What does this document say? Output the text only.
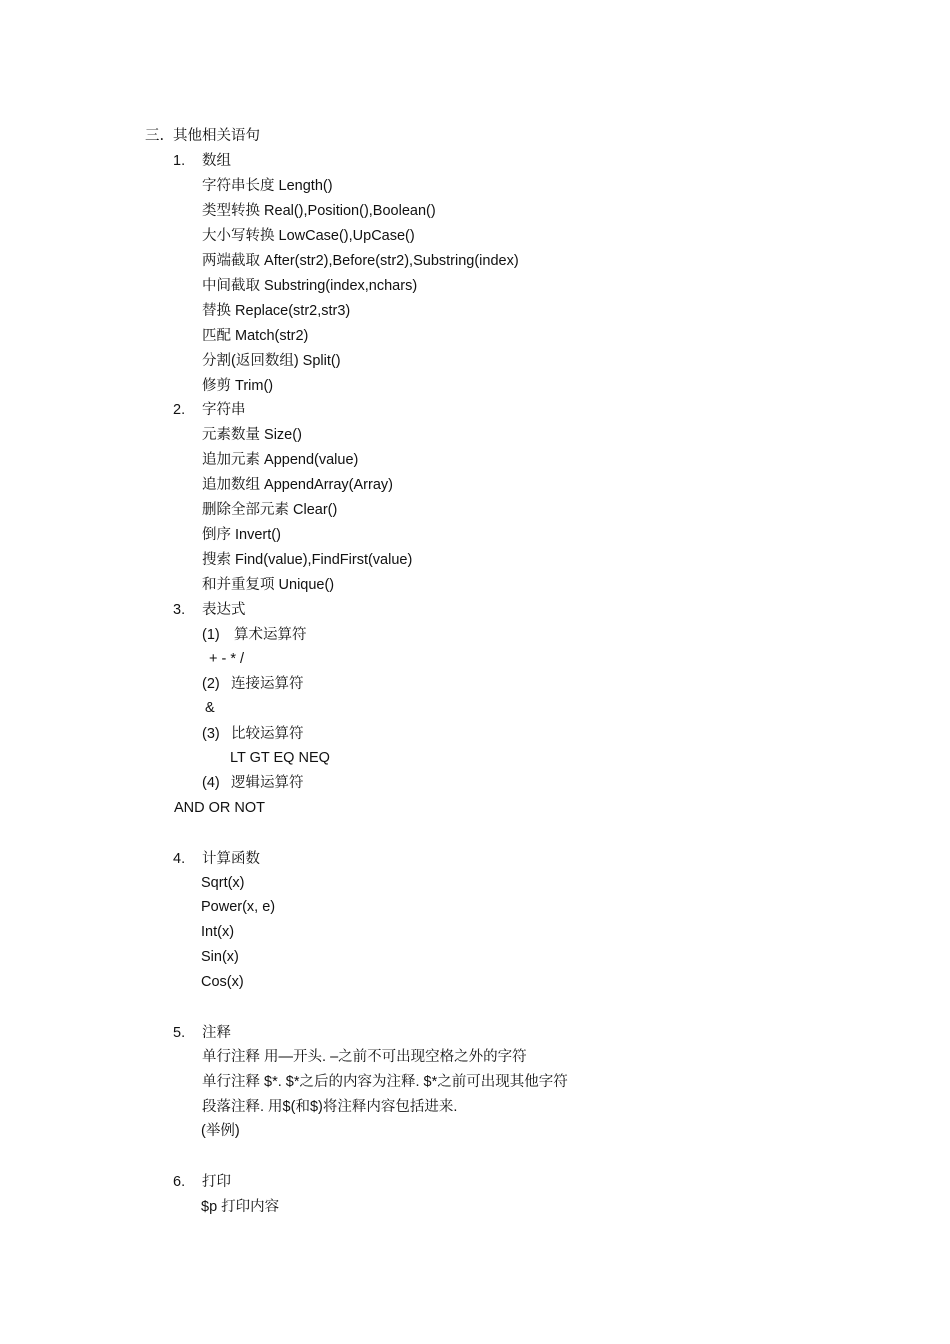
三. 其他相关语句
1. 数组
字符串长度 Length()
类型转换 Real(),Position(),Boolean()
大小写转换 LowCase(),UpCase()
两端截取 After(str2),Before(str2),Substring(index)
中间截取 Substring(index,nchars)
替换 Replace(str2,str3)
匹配 Match(str2)
分割(返回数组) Split()
修剪 Trim()
2. 字符串
元素数量 Size()
追加元素 Append(value)
追加数组 AppendArray(Array)
删除全部元素 Clear()
倒序 Invert()
搜索 Find(value),FindFirst(value)
和并重复项 Unique()
3. 表达式
(1) 算术运算符
+ - * /
(2) 连接运算符
&
(3) 比较运算符
LT GT EQ NEQ
(4) 逻辑运算符
AND OR NOT
4. 计算函数
Sqrt(x)
Power(x, e)
Int(x)
Sin(x)
Cos(x)
5. 注释
单行注释 用—开头. –之前不可出现空格之外的字符
单行注释 $*. $*之后的内容为注释. $*之前可出现其他字符
段落注释. 用$(和$)将注释内容包括进来.
(举例)
6. 打印
$p 打印内容
